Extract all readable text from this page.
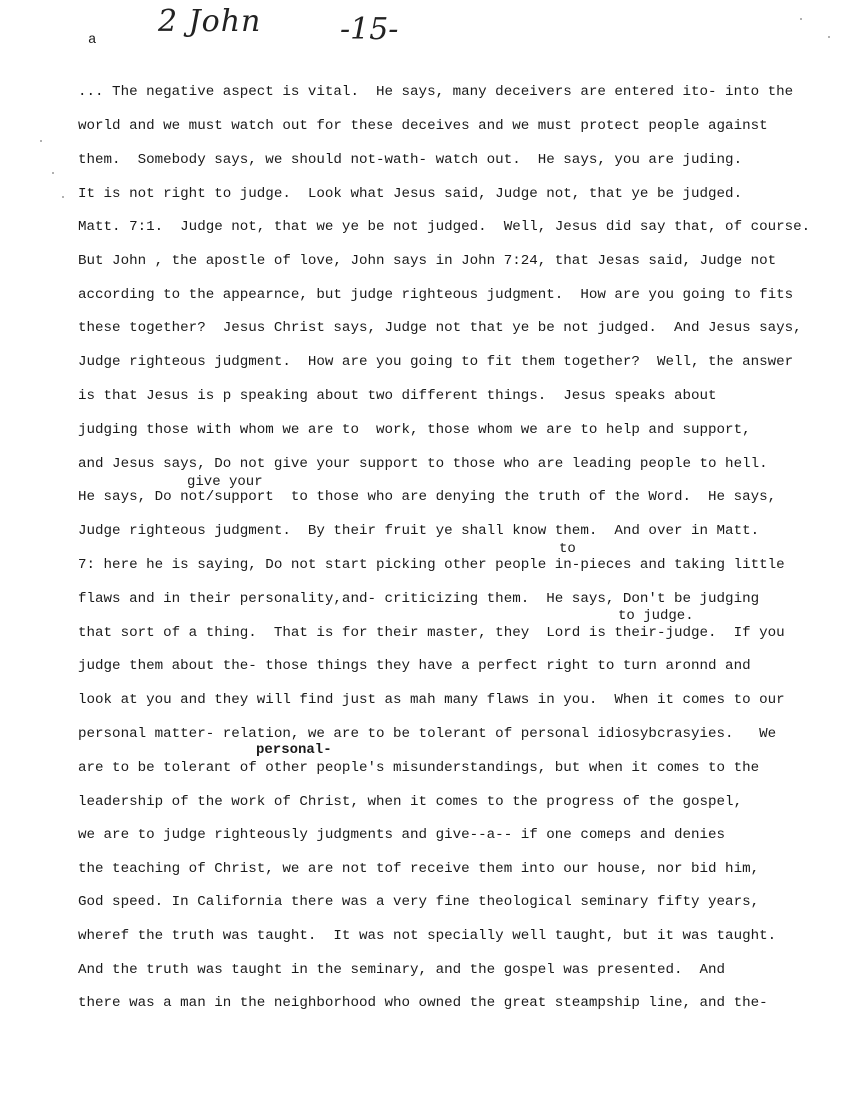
a
2 John	-15-
give your
to
to judge.
personal-
... The negative aspect is vital.  He says, many deceivers are entered ito- into the
world and we must watch out for these deceives and we must protect people against
them.  Somebody says, we should not-wath- watch out.  He says, you are juding.
It is not right to judge.  Look what Jesus said, Judge not, that ye be judged.
Matt. 7:1.  Judge not, that we ye be not judged.  Well, Jesus did say that, of course.
But John , the apostle of love, John says in John 7:24, that Jesas said, Judge not
according to the appearnce, but judge righteous judgment.  How are you going to fits
these together?  Jesus Christ says, Judge not that ye be not judged.  And Jesus says,
Judge righteous judgment.  How are you going to fit them together?  Well, the answer
is that Jesus is p speaking about two different things.  Jesus speaks about
judging those with whom we are to  work, those whom we are to help and support,
and Jesus says, Do not give your support to those who are leading people to hell.
He says, Do not/support  to those who are denying the truth of the Word.  He says,
Judge righteous judgment.  By their fruit ye shall know them.  And over in Matt.
7: here he is saying, Do not start picking other people in-pieces and taking little
flaws and in their personality,and- criticizing them.  He says, Don't be judging
that sort of a thing.  That is for their master, they  Lord is their-judge.  If you
judge them about the- those things they have a perfect right to turn aronnd and
look at you and they will find just as mah many flaws in you.  When it comes to our
personal matter- relation, we are to be tolerant of personal idiosybcrasyies.   We
are to be tolerant of other people's misunderstandings, but when it comes to the
leadership of the work of Christ, when it comes to the progress of the gospel,
we are to judge righteously judgments and give--a-- if one comeps and denies
the teaching of Christ, we are not tof receive them into our house, nor bid him,
God speed. In California there was a very fine theological seminary fifty years,
wheref the truth was taught.  It was not specially well taught, but it was taught.
And the truth was taught in the seminary, and the gospel was presented.  And
there was a man in the neighborhood who owned the great steampship line, and the-
